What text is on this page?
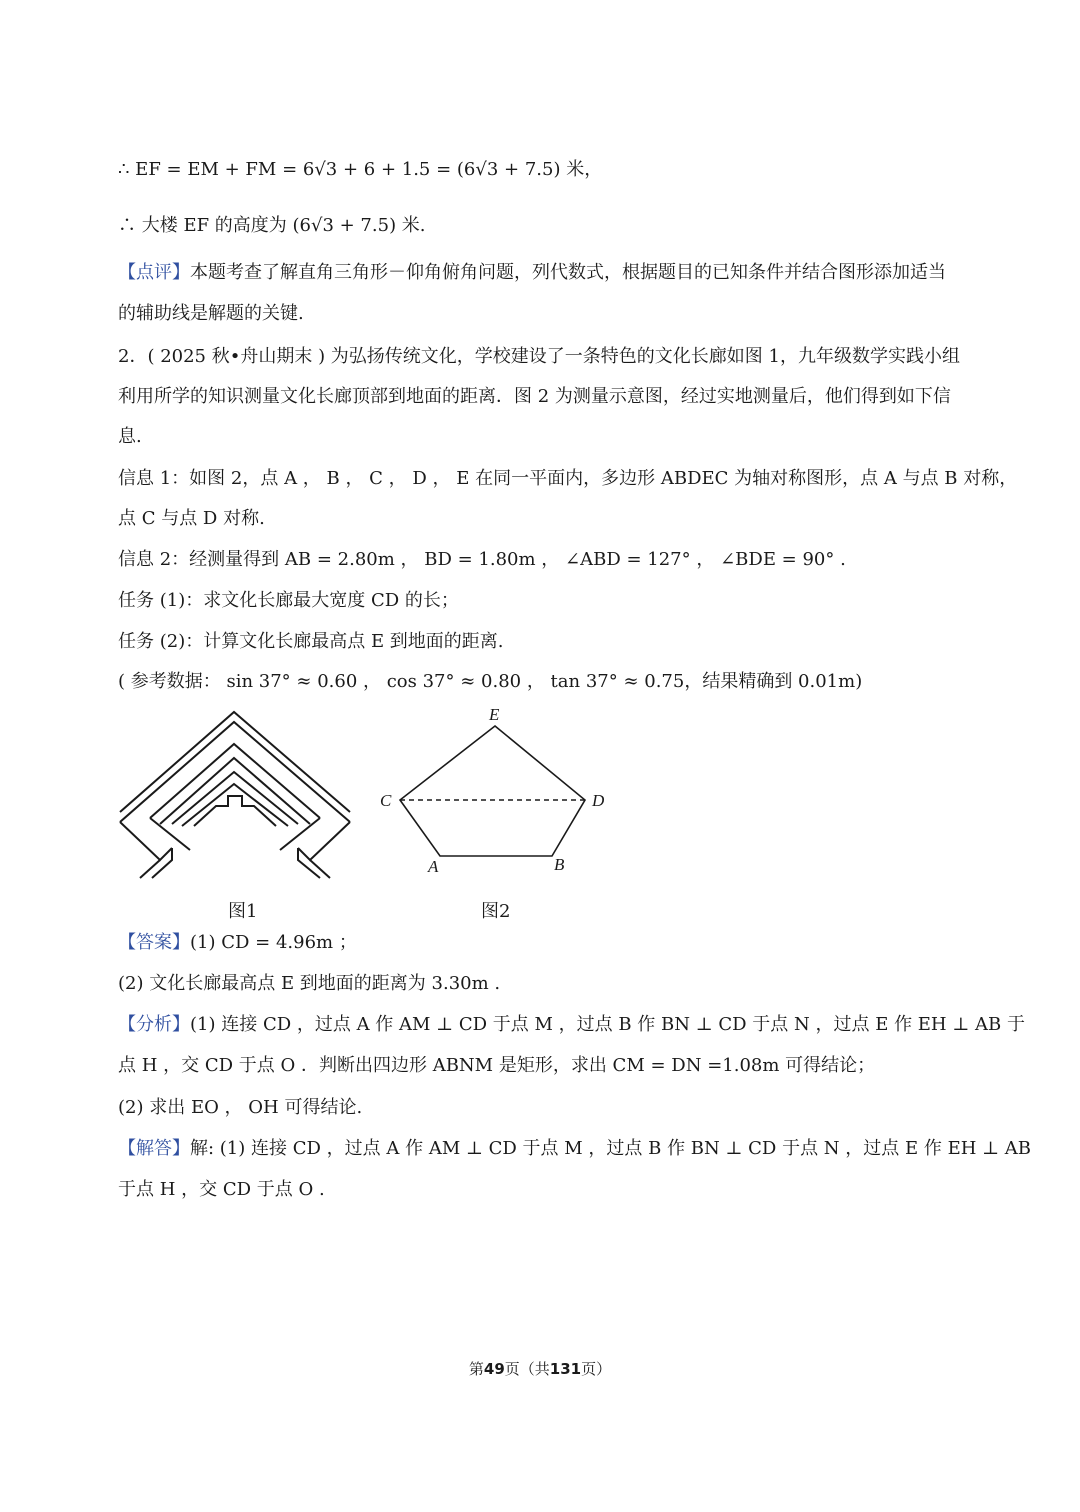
∴ EF = EM + FM = 6√3 + 6 + 1.5 = (6√3 + 7.5) 米，
∴ 大楼 EF 的高度为 (6√3 + 7.5) 米.
【点评】本题考查了解直角三角形－仰角俯角问题，列代数式，根据题目的已知条件并结合图形添加适当
的辅助线是解题的关键.
2．( 2025 秋•舟山期末 ) 为弘扬传统文化，学校建设了一条特色的文化长廊如图 1，九年级数学实践小组
利用所学的知识测量文化长廊顶部到地面的距离．图 2 为测量示意图，经过实地测量后，他们得到如下信
息.
信息 1：如图 2，点 A ， B ， C ， D ， E 在同一平面内，多边形 ABDEC 为轴对称图形，点 A 与点 B 对称，
点 C 与点 D 对称.
信息 2：经测量得到 AB = 2.80m ， BD = 1.80m ， ∠ABD = 127° ， ∠BDE = 90° .
任务 (1)：求文化长廊最大宽度 CD 的长；
任务 (2)：计算文化长廊最高点 E 到地面的距离.
( 参考数据： sin 37° ≈ 0.60 ， cos 37° ≈ 0.80 ， tan 37° ≈ 0.75，结果精确到 0.01m)
E
C	D
A	B
图1	图2
【答案】(1) CD = 4.96m ；
(2) 文化长廊最高点 E 到地面的距离为 3.30m .
【分析】(1) 连接 CD ，过点 A 作 AM ⊥ CD 于点 M ，过点 B 作 BN ⊥ CD 于点 N ，过点 E 作 EH ⊥ AB 于
点 H ，交 CD 于点 O ．判断出四边形 ABNM 是矩形，求出 CM = DN =1.08m 可得结论；
(2) 求出 EO ， OH 可得结论.
【解答】解: (1) 连接 CD ，过点 A 作 AM ⊥ CD 于点 M ，过点 B 作 BN ⊥ CD 于点 N ，过点 E 作 EH ⊥ AB
于点 H ，交 CD 于点 O .
第49页（共131页）
